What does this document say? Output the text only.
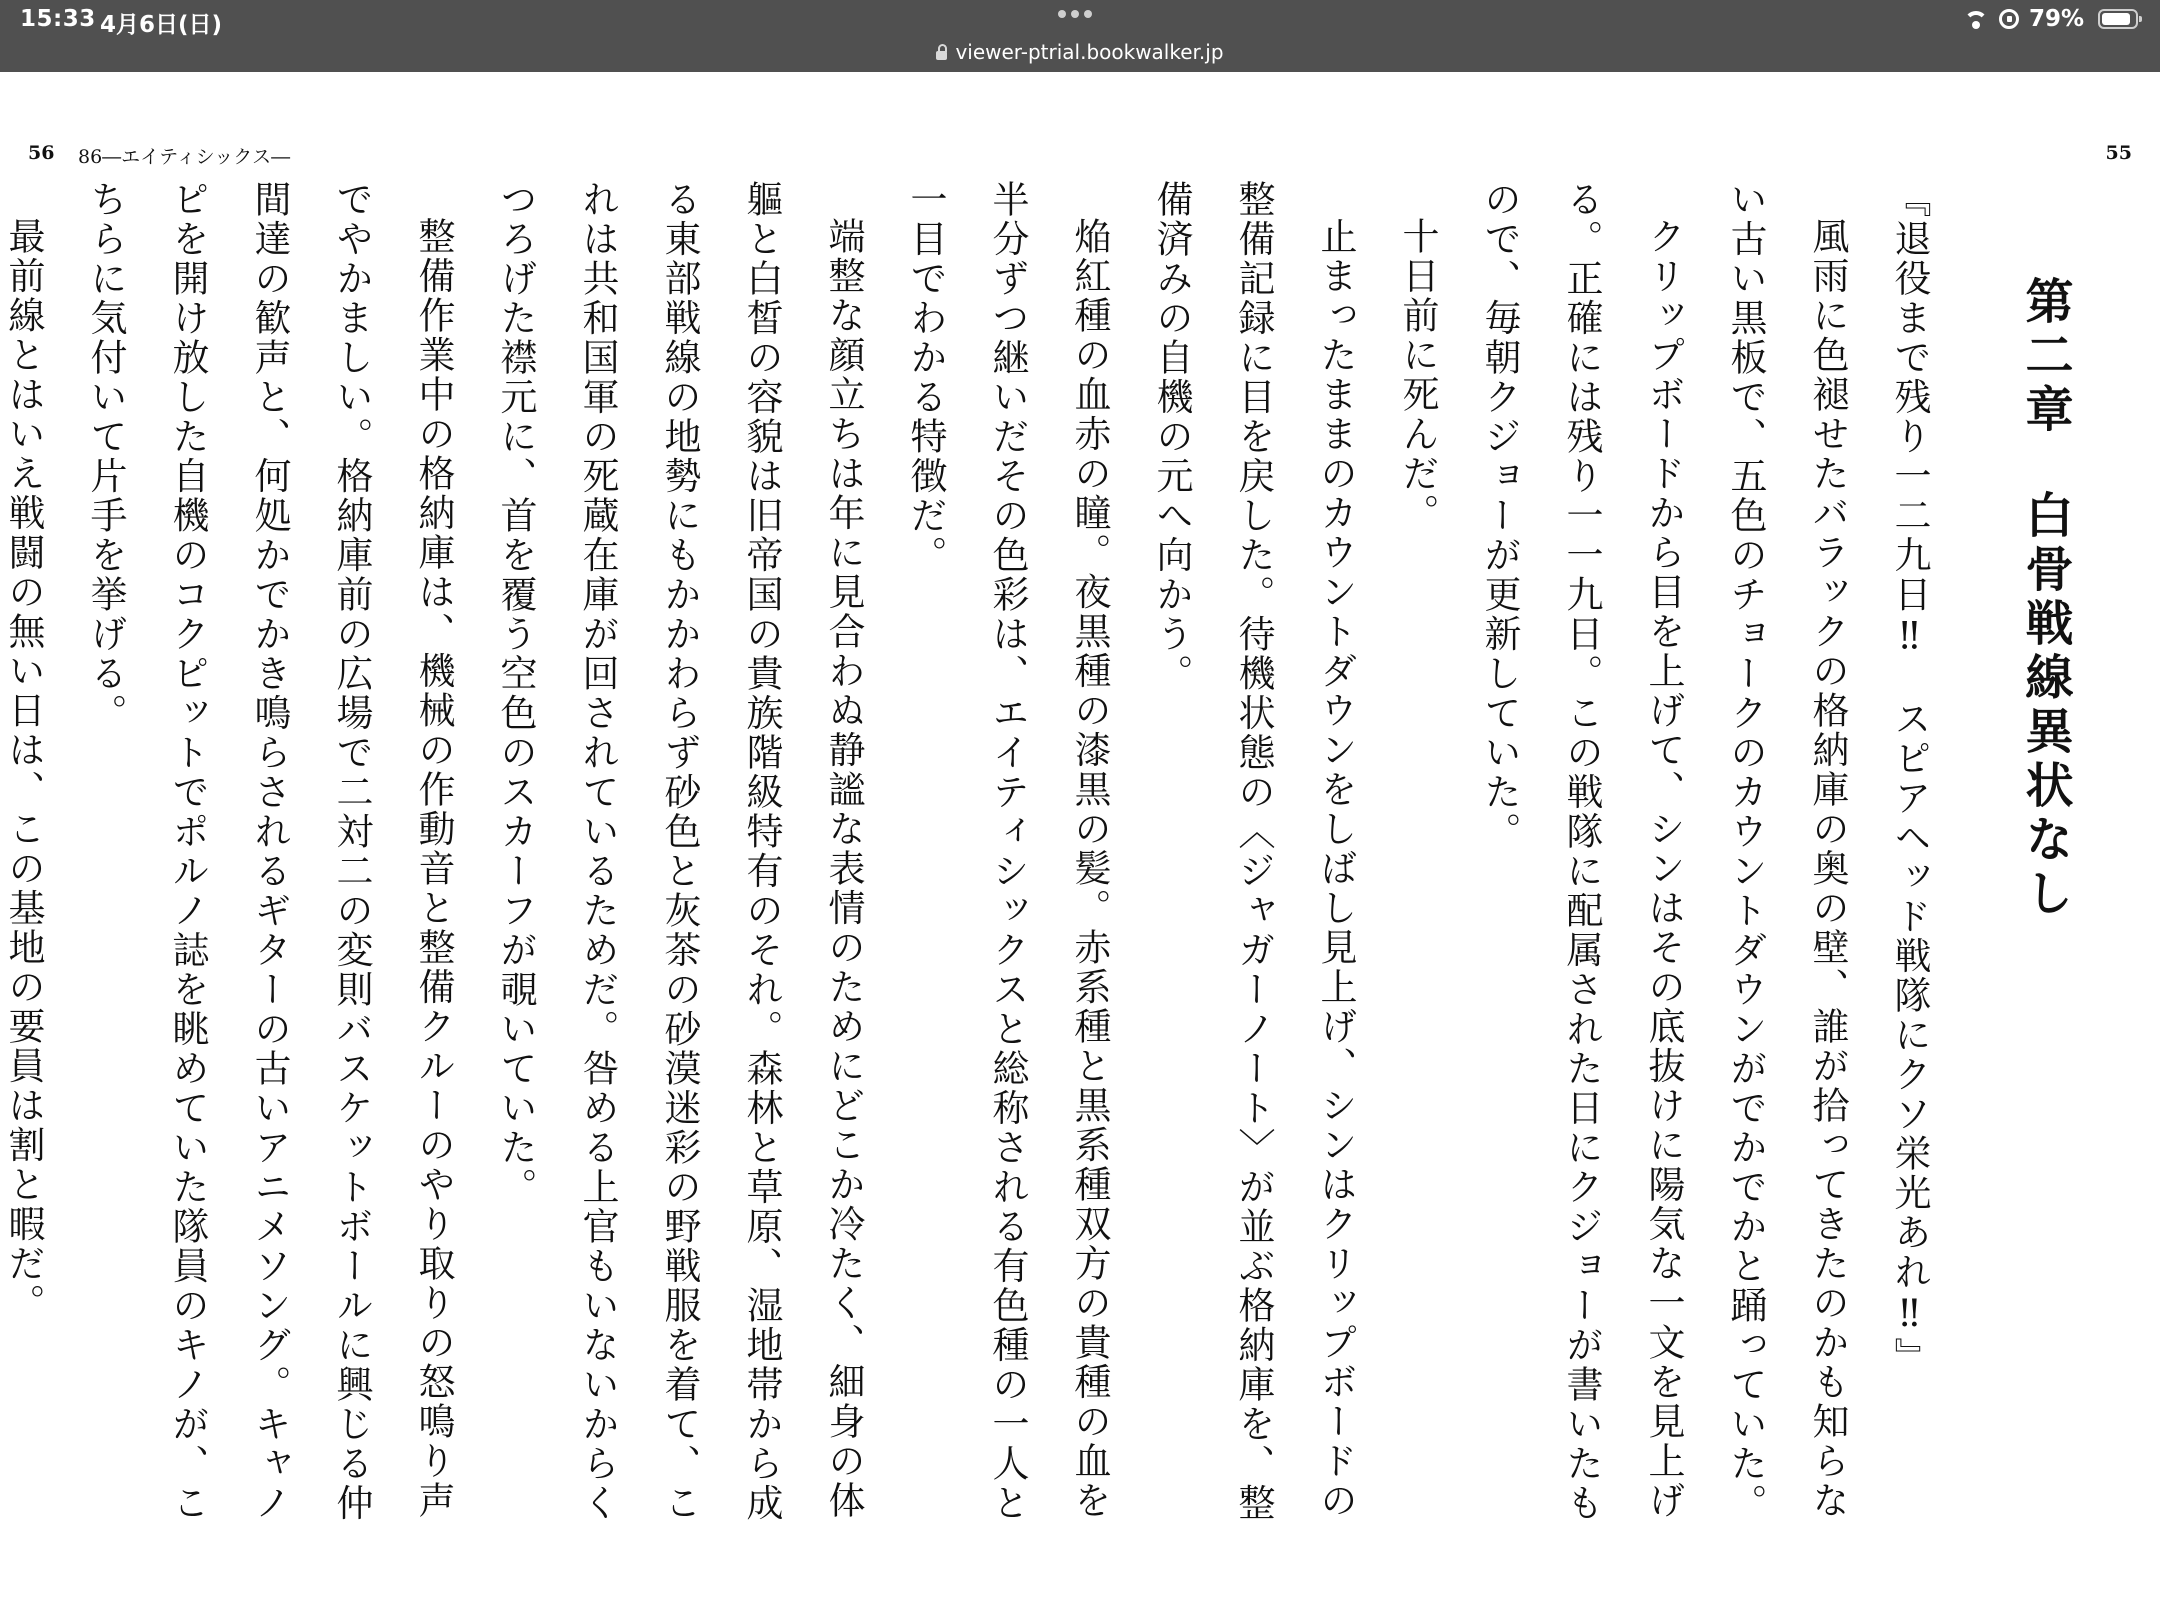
15:33 4月6日(日)
viewer-ptrial.bookwalker.jp
79%
56 86―エイティシックス―	55
第二章白骨戦線異状なし

『退役まで残り一二九日‼　スピアヘッド戦隊にクソ栄光あれ‼』

風雨に色褪せたバラックの格納庫の奥の壁、誰が拾ってきたのかも知らない古い黒板で、五色のチョークのカウントダウンがでかでかと踊っていた。

クリップボードから目を上げて、シンはその底抜けに陽気な一文を見上げる。正確には残り一一九日。この戦隊に配属された日にクジョーが書いたもので、毎朝クジョーが更新していた。

十日前に死んだ。

止まったままのカウントダウンをしばし見上げ、シンはクリップボードの整備記録に目を戻した。待機状態の〈ジャガーノート〉が並ぶ格納庫を、整備済みの自機の元へ向かう。

焔紅種の血赤の瞳。夜黒種の漆黒の髪。赤系種と黒系種双方の貴種の血を半分ずつ継いだその色彩は、エイティシックスと総称される有色種の一人と一目でわかる特徴だ。

端整な顔立ちは年に見合わぬ静謐な表情のためにどこか冷たく、細身の体軀と白皙の容貌は旧帝国の貴族階級特有のそれ。森林と草原、湿地帯から成る東部戦線の地勢にもかかわらず砂色と灰茶の砂漠迷彩の野戦服を着て、これは共和国軍の死蔵在庫が回されているためだ。咎める上官もいないからくつろげた襟元に、首を覆う空色のスカーフが覗いていた。

整備作業中の格納庫は、機械の作動音と整備クルーのやり取りの怒鳴り声でやかましい。格納庫前の広場で二対二の変則バスケットボールに興じる仲間達の歓声と、何処かでかき鳴らされるギターの古いアニメソング。キャノピを開け放した自機のコクピットでポルノ誌を眺めていた隊員のキノが、こちらに気付いて片手を挙げる。

最前線とはいえ戦闘の無い日は、この基地の要員は割と暇だ。
